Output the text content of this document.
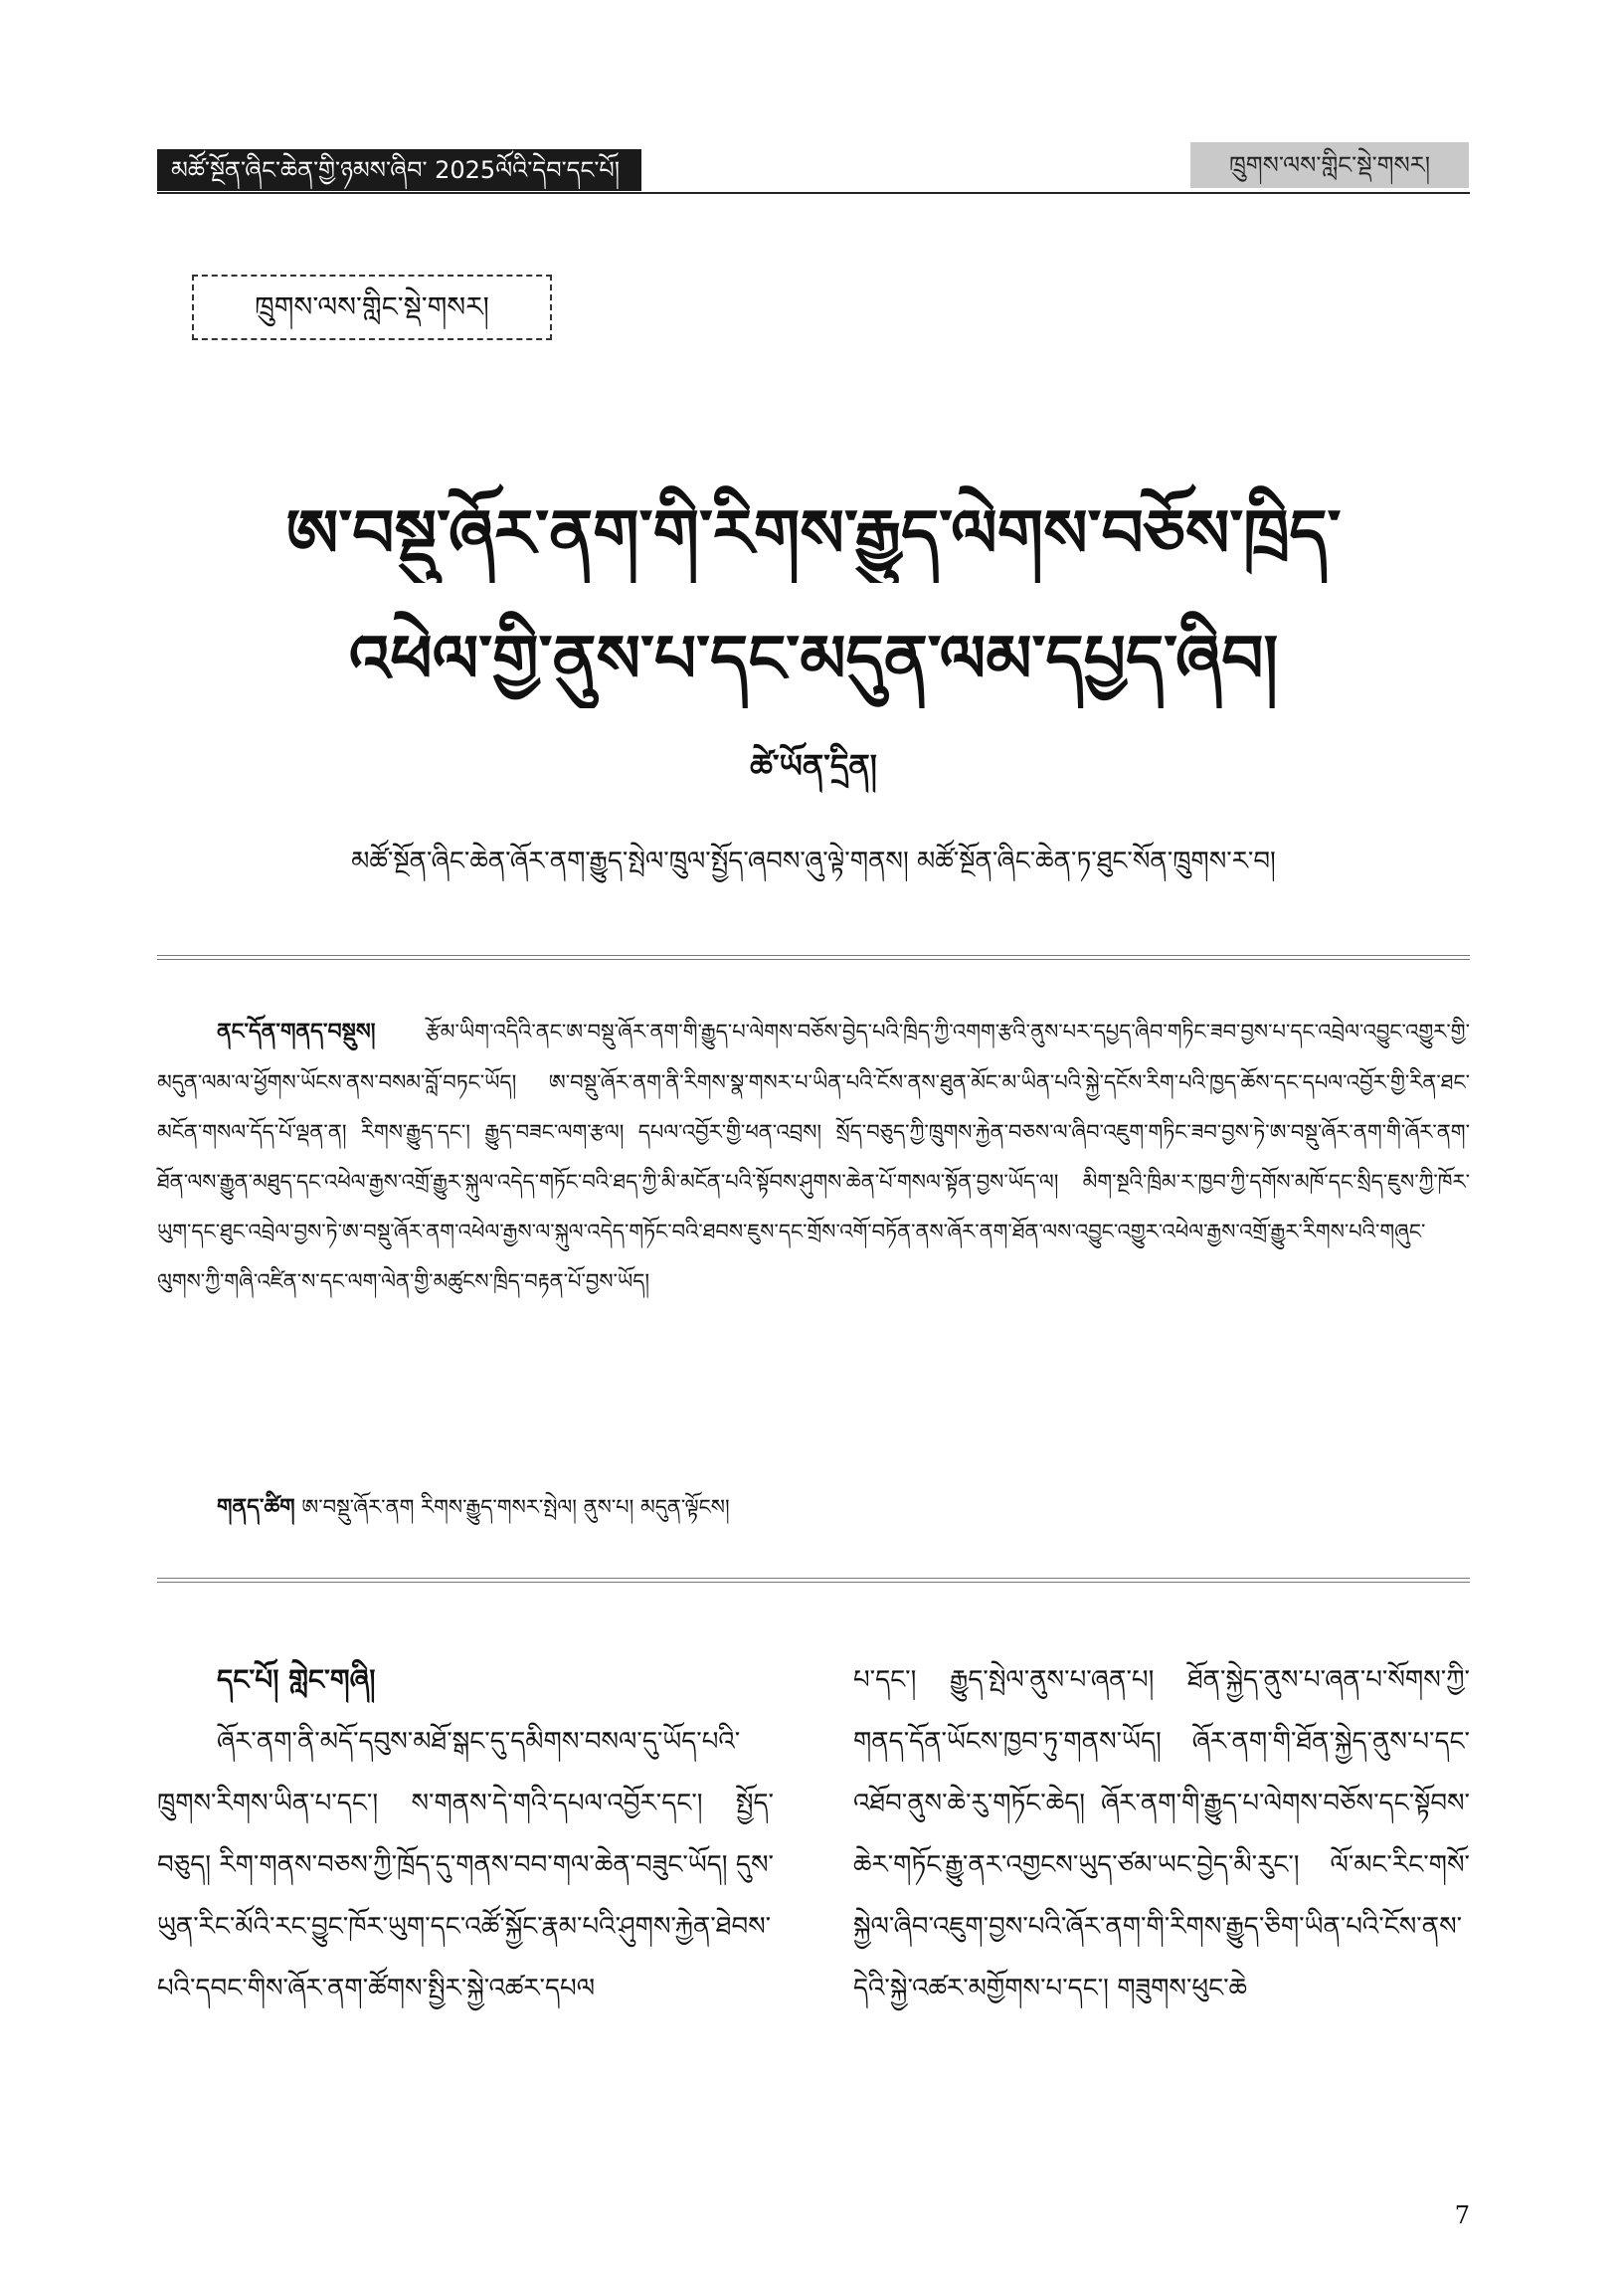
མཚོ་སྔོན་ཞིང་ཆེན་གྱི་ཉམས་ཞིབ་ 2025ལོའི་དེབ་དང་པོ།	ཁྲུགས་ལས་གླིང་སྡེ་གསར།
ཁྲུགས་ལས་གླིང་སྡེ་གསར།
ཨ་བསྡུ་ཞོར་ནག་གི་རིགས་རྒྱུད་ལེགས་བཅོས་ཁྲིད་
འཕེལ་གྱི་ནུས་པ་དང་མདུན་ལམ་དཔྱད་ཞིབ།
ཚེ་ཡོན་དྲིན།
མཚོ་སྔོན་ཞིང་ཆེན་ཞོར་ནག་རྒྱུད་སྤེལ་ཁྲུལ་སྤྱོད་ཞབས་ཞུ་ལྟེ་གནས། མཚོ་སྔོན་ཞིང་ཆེན་ཏ་ཐུང་སོན་ཁྲུགས་ར་བ།
ནང་དོན་གནད་བསྡུས། རྩོམ་ཡིག་འདིའི་ནང་ཨ་བསྡུ་ཞོར་ནག་གི་རྒྱུད་པ་ལེགས་བཅོས་བྱེད་པའི་ཁྲིད་ཀྱི་འགག་རྩའི་ནུས་པར་དཔྱད་ཞིབ་གཏིང་ཟབ་བྱས་པ་དང་འབྲེལ་འབྱུང་འགྱུར་གྱི་མདུན་ལམ་ལ་ཕྱོགས་ཡོངས་ནས་བསམ་བློ་བཏང་ཡོད། ཨ་བསྡུ་ཞོར་ནག་ནི་རིགས་སྣ་གསར་པ་ཡིན་པའི་ངོས་ནས་ཐུན་མོང་མ་ཡིན་པའི་སྐྱེ་དངོས་རིག་པའི་ཁྱད་ཆོས་དང་དཔལ་འབྱོར་གྱི་རིན་ཐང་མངོན་གསལ་དོད་པོ་ལྡན་ན། རིགས་རྒྱུད་དང་། རྒྱུད་བཟང་ལག་རྩལ། དཔལ་འབྱོར་གྱི་ཕན་འབྲས། སྲོད་བཅུད་ཀྱི་ཁྲུགས་རྐྱེན་བཅས་ལ་ཞིབ་འཇུག་གཏིང་ཟབ་བྱས་ཏེ་ཨ་བསྡུ་ཞོར་ནག་གི་ཞོར་ནག་ཐོན་ལས་རྒྱུན་མཐུད་དང་འཕེལ་རྒྱས་འགྲོ་རྒྱུར་སྐུལ་འདེད་གཏོང་བའི་ཐད་ཀྱི་མི་མངོན་པའི་སྟོབས་ཤུགས་ཆེན་པོ་གསལ་སྟོན་བྱས་ཡོད་ལ། མིག་སྔའི་ཁྲིམ་ར་ཁྱབ་ཀྱི་དགོས་མཁོ་དང་སྲིད་ཇུས་ཀྱི་ཁོར་ཡུག་དང་ཐུང་འབྲེལ་བྱས་ཏེ་ཨ་བསྡུ་ཞོར་ནག་འཕེལ་རྒྱས་ལ་སྐུལ་འདེད་གཏོང་བའི་ཐབས་ཇུས་དང་གྲོས་འགོ་བཏོན་ནས་ཞོར་ནག་ཐོན་ལས་འབྱུང་འགྱུར་འཕེལ་རྒྱས་འགྲོ་རྒྱུར་རིགས་པའི་གཞུང་ལུགས་ཀྱི་གཞི་འཛིན་ས་དང་ལག་ལེན་གྱི་མཚུངས་ཁྲིད་བརྟན་པོ་བྱས་ཡོད།
གནད་ཚིག ཨ་བསྡུ་ཞོར་ནག རིགས་རྒྱུད་གསར་སྤེལ། ནུས་པ། མདུན་ལྟོངས།
དང་པོ། གླེང་གཞི།
ཞོར་ནག་ནི་མདོ་དབུས་མཐོ་སྒང་དུ་དམིགས་བསལ་དུ་ཡོད་པའི་ཁྲུགས་རིགས་ཡིན་པ་དང་། ས་གནས་དེ་གའི་དཔལ་འབྱོར་དང་། སྤྱོད་བཅུད། རིག་གནས་བཅས་ཀྱི་ཁྲོད་དུ་གནས་བབ་གལ་ཆེན་བཟུང་ཡོད། དུས་ཡུན་རིང་མོའི་རང་བྱུང་ཁོར་ཡུག་དང་འཚོ་སྐྱོང་རྣམ་པའི་ཤུགས་རྐྱེན་ཐེབས་པའི་དབང་གིས་ཞོར་ནག་ཚོགས་སྤྱིར་སྐྱེ་འཚར་དཔལ
པ་དང་། རྒྱུད་སྤེལ་ནུས་པ་ཞན་པ། ཐོན་སྐྱེད་ནུས་པ་ཞན་པ་སོགས་ཀྱི་གནད་དོན་ཡོངས་ཁྱབ་ཏུ་གནས་ཡོད། ཞོར་ནག་གི་ཐོན་སྐྱེད་ནུས་པ་དང་འཐོབ་ནུས་ཆེ་རུ་གཏོང་ཆེད། ཞོར་ནག་གི་རྒྱུད་པ་ལེགས་བཅོས་དང་སྟོབས་ཆེར་གཏོང་རྒྱུ་ནར་འགྱངས་ཡུད་ཙམ་ཡང་བྱེད་མི་རུང་། ལོ་མང་རིང་གསོ་སྐྱེལ་ཞིབ་འཇུག་བྱས་པའི་ཞོར་ནག་གི་རིགས་རྒྱུད་ཅིག་ཡིན་པའི་ངོས་ནས་དེའི་སྐྱེ་འཚར་མགྱོགས་པ་དང་། གཟུགས་ཕུང་ཆེ
7
